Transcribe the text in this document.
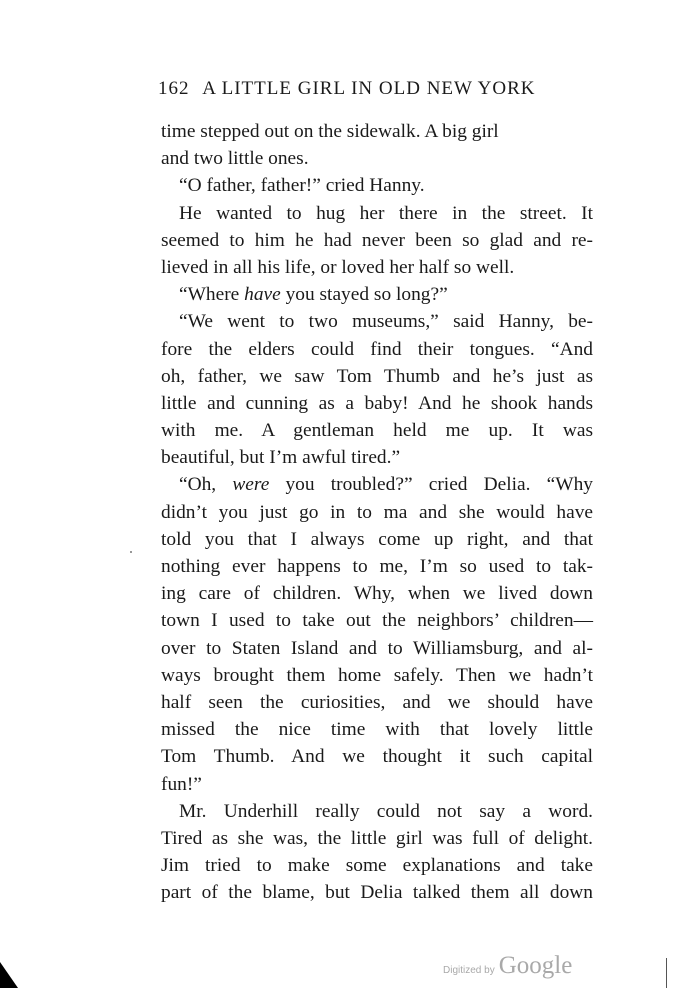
162 A LITTLE GIRL IN OLD NEW YORK
time stepped out on the sidewalk. A big girl
and two little ones.
“O father, father!” cried Hanny.
He wanted to hug her there in the street. It
seemed to him he had never been so glad and re-
lieved in all his life, or loved her half so well.
“Where have you stayed so long?”
“We went to two museums,” said Hanny, be-
fore the elders could find their tongues. “And
oh, father, we saw Tom Thumb and he’s just as
little and cunning as a baby! And he shook hands
with me. A gentleman held me up. It was
beautiful, but I’m awful tired.”
“Oh, were you troubled?” cried Delia. “Why
didn’t you just go in to ma and she would have
told you that I always come up right, and that
nothing ever happens to me, I’m so used to tak-
ing care of children. Why, when we lived down
town I used to take out the neighbors’ children—
over to Staten Island and to Williamsburg, and al-
ways brought them home safely. Then we hadn’t
half seen the curiosities, and we should have
missed the nice time with that lovely little
Tom Thumb. And we thought it such capital
fun!”
Mr. Underhill really could not say a word.
Tired as she was, the little girl was full of delight.
Jim tried to make some explanations and take
part of the blame, but Delia talked them all down
Digitized by Google
